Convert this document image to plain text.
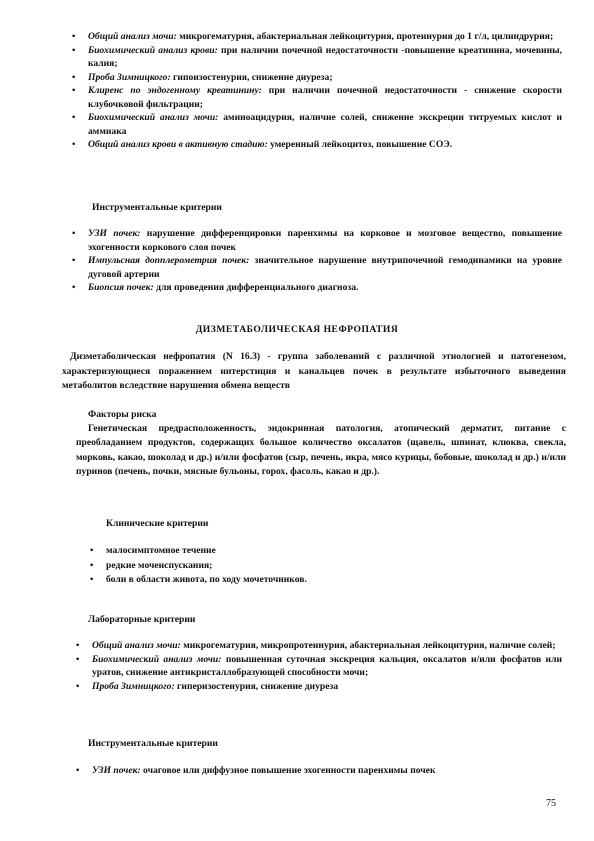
• Общий анализ мочи: микрогематурия, абактериальная лейкоцитурия, протеинурия до 1 г/л, цилиндрурия;
• Биохимический анализ крови: при наличии почечной недостаточности -повышение креатинина, мочевины, калия;
• Проба Зимницкого: гипоизостенурия, снижение диуреза;
• Клиренс по эндогенному креатинину: при наличии почечной недостаточности - снижение скорости клубочковой фильтрации;
• Биохимический анализ мочи: аминоацидурия, наличие солей, снижение экскреции титруемых кислот и аммиака
• Общий анализ крови в активную стадию: умеренный лейкоцитоз, повышение СОЭ.
Инструментальные критерии
• УЗИ почек: нарушение дифференцировки паренхимы на корковое и мозговое вещество, повышение эхогенности коркового слоя почек
• Импульсная допплерометрия почек: значительное нарушение внутрипочечной гемодинамики на уровне дуговой артерии
• Биопсия почек: для проведения дифференциального диагноза.
ДИЗМЕТАБОЛИЧЕСКАЯ НЕФРОПАТИЯ
Дизметаболическая нефропатия (N 16.3) - группа заболеваний с различной этиологией и патогенезом, характеризующиеся поражением интерстиция и канальцев почек в результате избыточного выведения метаболитов вследствие нарушения обмена веществ
Факторы риска
Генетическая предрасположенность, эндокринная патология, атопический дерматит, питание с преобладанием продуктов, содержащих большое количество оксалатов (щавель, шпинат, клюква, свекла, морковь, какао, шоколад и др.) и/или фосфатов (сыр, печень, икра, мясо курицы, бобовые, шоколад и др.) и/или пуринов (печень, почки, мясные бульоны, горох, фасоль, какао и др.).
Клинические критерии
• малосимптомное течение
• редкие мочеиспускания;
• боли в области живота, по ходу мочеточников.
Лабораторные критерии
• Общий анализ мочи: микрогематурия, микропротеинурия, абактериальная лейкоцитурия, наличие солей;
• Биохимический анализ мочи: повышенная суточная экскреция кальция, оксалатов и/или фосфатов или уратов, снижение антикристаллобразующей способности мочи;
• Проба Зимницкого: гиперизостенурия, снижение диуреза
Инструментальные критерии
• УЗИ почек: очаговое или диффузное повышение эхогенности паренхимы почек
75
